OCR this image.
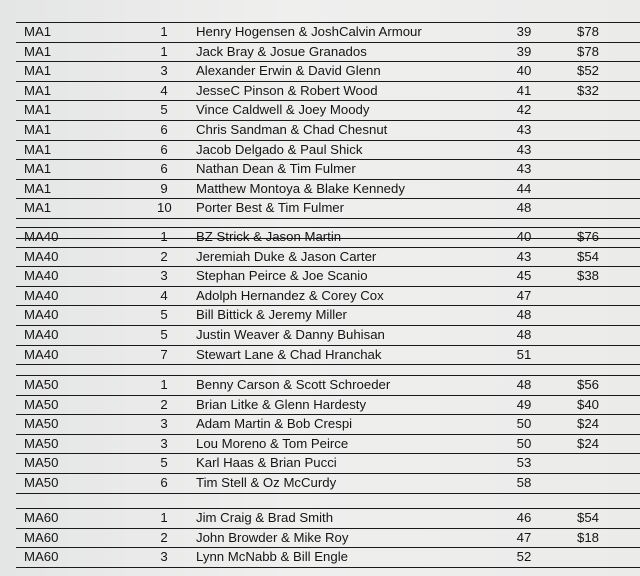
MA1	1 Henry Hogensen & JoshCalvin Armour	39	$78
MA1	1 Jack Bray & Josue Granados	39	$78
MA1	3 Alexander Erwin & David Glenn	40	$52
MA1	4 JesseC Pinson & Robert Wood	41	$32
MA1	5 Vince Caldwell & Joey Moody	42
MA1	6 Chris Sandman & Chad Chesnut	43
MA1	6 Jacob Delgado & Paul Shick	43
MA1	6 Nathan Dean & Tim Fulmer	43
MA1	9 Matthew Montoya & Blake Kennedy	44
MA1	10 Porter Best & Tim Fulmer	48
MA40	1 BZ Strick & Jason Martin	40	$76
MA40	2 Jeremiah Duke & Jason Carter	43	$54
MA40	3 Stephan Peirce & Joe Scanio	45	$38
MA40	4 Adolph Hernandez & Corey Cox	47
MA40	5 Bill Bittick & Jeremy Miller	48
MA40	5 Justin Weaver & Danny Buhisan	48
MA40	7 Stewart Lane & Chad Hranchak	51
MA50	1 Benny Carson & Scott Schroeder	48	$56
MA50	2 Brian Litke & Glenn Hardesty	49	$40
MA50	3 Adam Martin & Bob Crespi	50	$24
MA50	3 Lou Moreno & Tom Peirce	50	$24
MA50	5 Karl Haas & Brian Pucci	53
MA50	6 Tim Stell & Oz McCurdy	58
MA60	1 Jim Craig & Brad Smith	46	$54
MA60	2 John Browder & Mike Roy	47	$18
MA60	3 Lynn McNabb & Bill Engle	52
